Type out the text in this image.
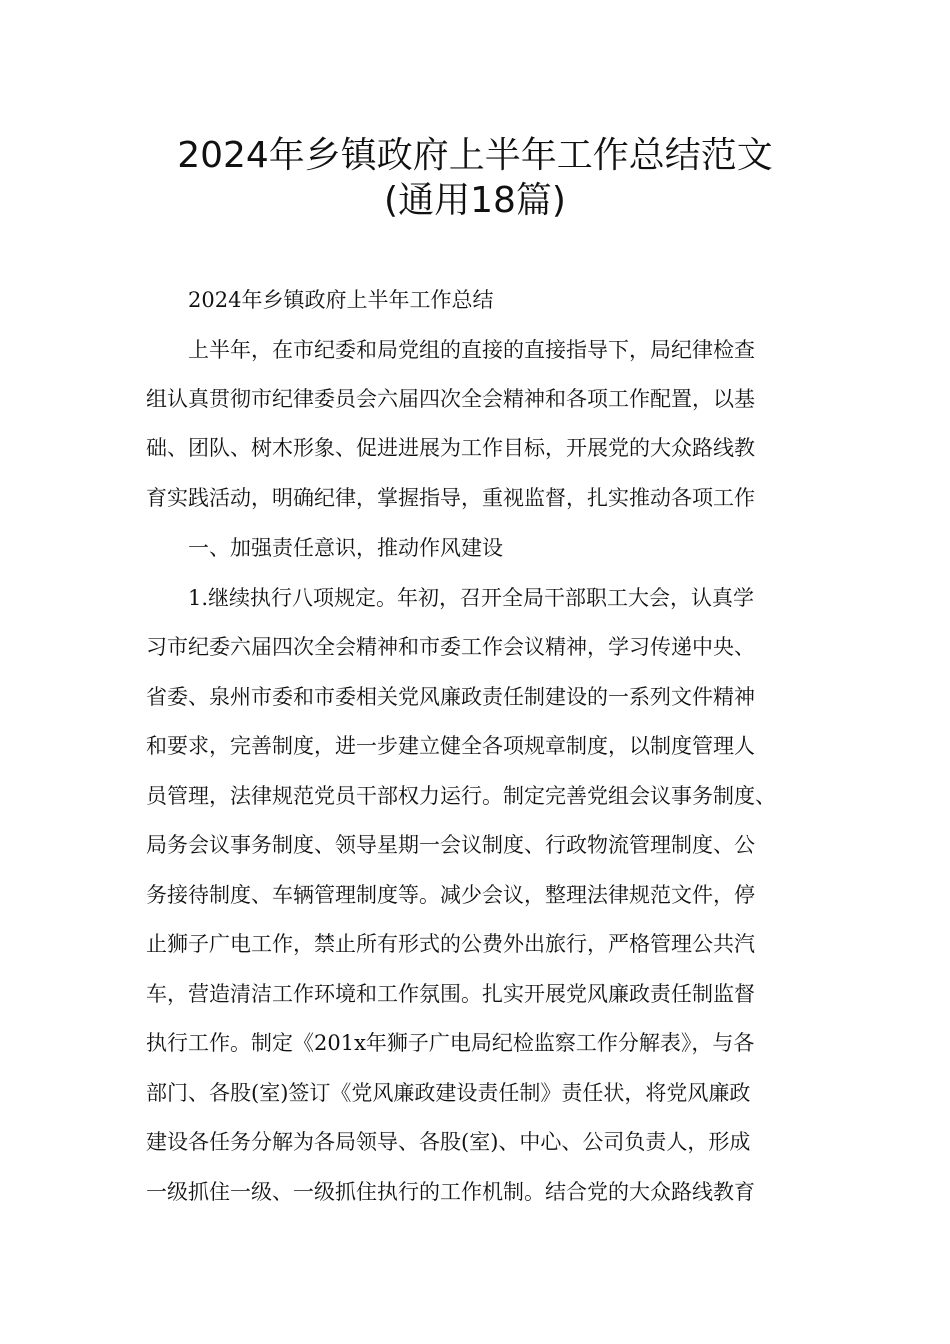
2024年乡镇政府上半年工作总结范文
(通用18篇)
2024年乡镇政府上半年工作总结
上半年，在市纪委和局党组的直接的直接指导下，局纪律检查
组认真贯彻市纪律委员会六届四次全会精神和各项工作配置，以基
础、团队、树木形象、促进进展为工作目标，开展党的大众路线教
育实践活动，明确纪律，掌握指导，重视监督，扎实推动各项工作
一、加强责任意识，推动作风建设
1.继续执行八项规定。年初，召开全局干部职工大会，认真学
习市纪委六届四次全会精神和市委工作会议精神，学习传递中央、
省委、泉州市委和市委相关党风廉政责任制建设的一系列文件精神
和要求，完善制度，进一步建立健全各项规章制度，以制度管理人
员管理，法律规范党员干部权力运行。制定完善党组会议事务制度、
局务会议事务制度、领导星期一会议制度、行政物流管理制度、公
务接待制度、车辆管理制度等。减少会议，整理法律规范文件，停
止狮子广电工作，禁止所有形式的公费外出旅行，严格管理公共汽
车，营造清洁工作环境和工作氛围。扎实开展党风廉政责任制监督
执行工作。制定《201x年狮子广电局纪检监察工作分解表》，与各
部门、各股(室)签订《党风廉政建设责任制》责任状，将党风廉政
建设各任务分解为各局领导、各股(室)、中心、公司负责人，形成
一级抓住一级、一级抓住执行的工作机制。结合党的大众路线教育
